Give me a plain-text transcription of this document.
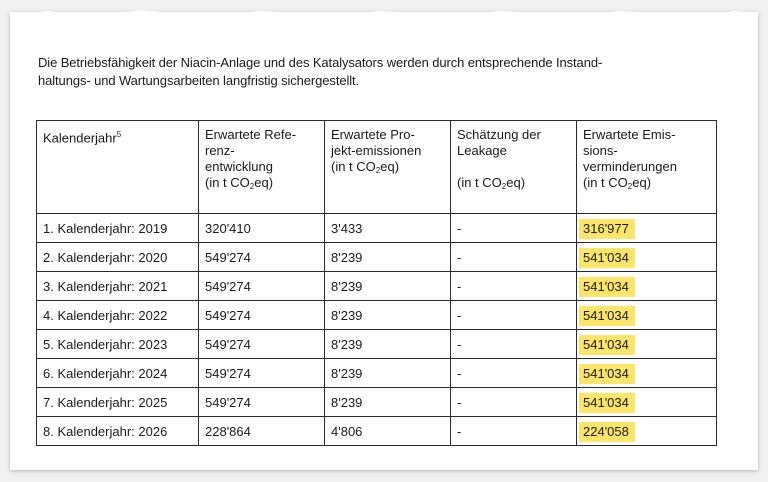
Die Betriebsfähigkeit der Niacin-Anlage und des Katalysators werden durch entsprechende Instand-
haltungs- und Wartungsarbeiten langfristig sichergestellt.
Kalenderjahr$^5$	Erwartete Refe-
renz-
entwicklung
(in t $CO_2eq$)	Erwartete Pro-
jekt-emissionen
(in t $CO_2eq$)	Schätzung der
Leakage
(in t $CO_2eq$)	Erwartete Emis-
sions-
verminderungen
(in t $CO_2eq$)

1. Kalenderjahr: 2019	320'410	3'433	-	316'977
2. Kalenderjahr: 2020	549'274	8'239	-	541'034
3. Kalenderjahr: 2021	549'274	8'239	-	541'034
4. Kalenderjahr: 2022	549'274	8'239	-	541'034
5. Kalenderjahr: 2023	549'274	8'239	-	541'034
6. Kalenderjahr: 2024	549'274	8'239	-	541'034
7. Kalenderjahr: 2025	549'274	8'239	-	541'034
8. Kalenderjahr: 2026	228'864	4'806	-	224'058
